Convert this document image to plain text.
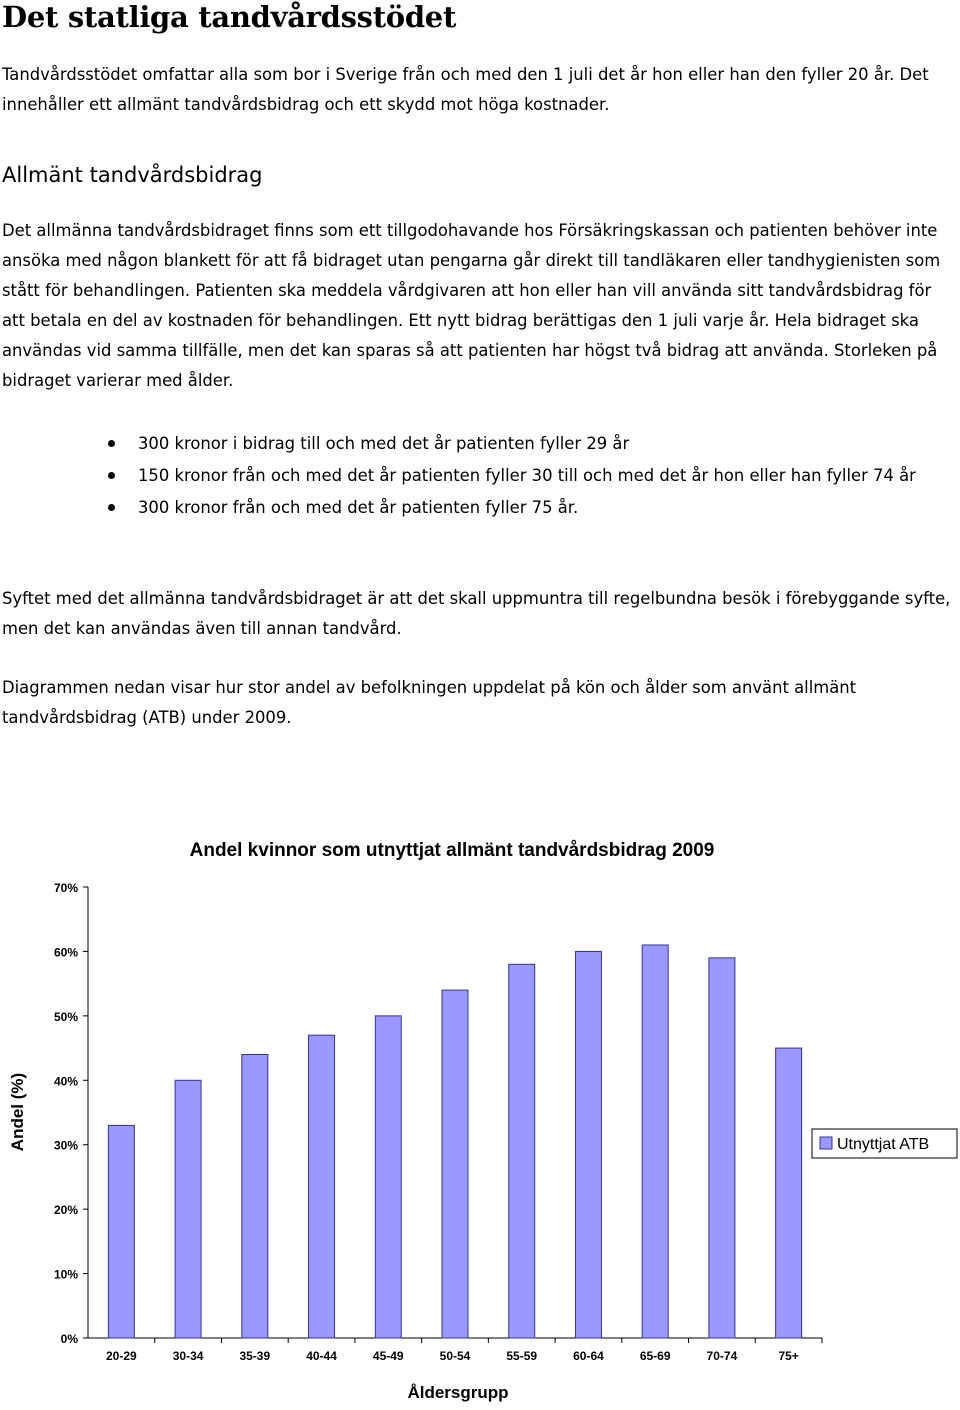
Det statliga tandvårdsstödet

Tandvårdsstödet omfattar alla som bor i Sverige från och med den 1 juli det år hon eller han den fyller 20 år. Det innehåller ett allmänt tandvårdsbidrag och ett skydd mot höga kostnader.

Allmänt tandvårdsbidrag

Det allmänna tandvårdsbidraget finns som ett tillgodohavande hos Försäkringskassan och patienten behöver inte ansöka med någon blankett för att få bidraget utan pengarna går direkt till tandläkaren eller tandhygienisten som stått för behandlingen. Patienten ska meddela vårdgivaren att hon eller han vill använda sitt tandvårdsbidrag för att betala en del av kostnaden för behandlingen. Ett nytt bidrag berättigas den 1 juli varje år. Hela bidraget ska användas vid samma tillfälle, men det kan sparas så att patienten har högst två bidrag att använda. Storleken på bidraget varierar med ålder.

300 kronor i bidrag till och med det år patienten fyller 29 år
150 kronor från och med det år patienten fyller 30 till och med det år hon eller han fyller 74 år
300 kronor från och med det år patienten fyller 75 år.

Syftet med det allmänna tandvårdsbidraget är att det skall uppmuntra till regelbundna besök i förebyggande syfte, men det kan användas även till annan tandvård.

Diagrammen nedan visar hur stor andel av befolkningen uppdelat på kön och ålder som använt allmänt tandvårdsbidrag (ATB) under 2009.

Andel kvinnor som utnyttjat allmänt tandvårdsbidrag 2009
Andel (%)
Åldersgrupp
0%
10%
20%
30%
40%
50%
60%
70%
20-29	30-34	35-39	40-44	45-49	50-54	55-59	60-64	65-69	70-74	75+
Utnyttjat ATB
